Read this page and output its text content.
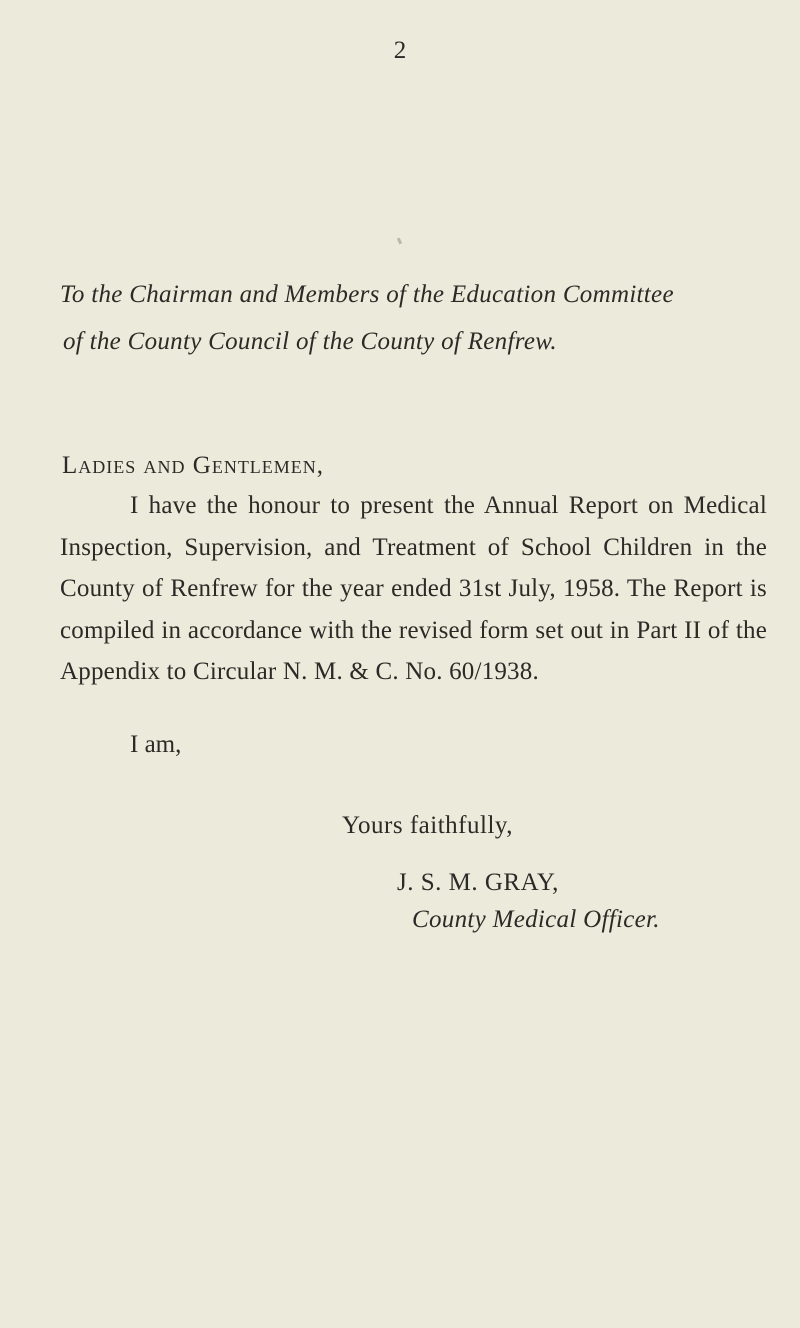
2
To the Chairman and Members of the Education Committee
of the County Council of the County of Renfrew.
Ladies and Gentlemen,
I have the honour to present the Annual Report on Medical Inspection, Supervision, and Treatment of School Children in the County of Renfrew for the year ended 31st July, 1958. The Report is compiled in accordance with the revised form set out in Part II of the Appendix to Circular N. M. & C. No. 60/1938.
I am,
Yours faithfully,
J. S. M. GRAY,
County Medical Officer.
